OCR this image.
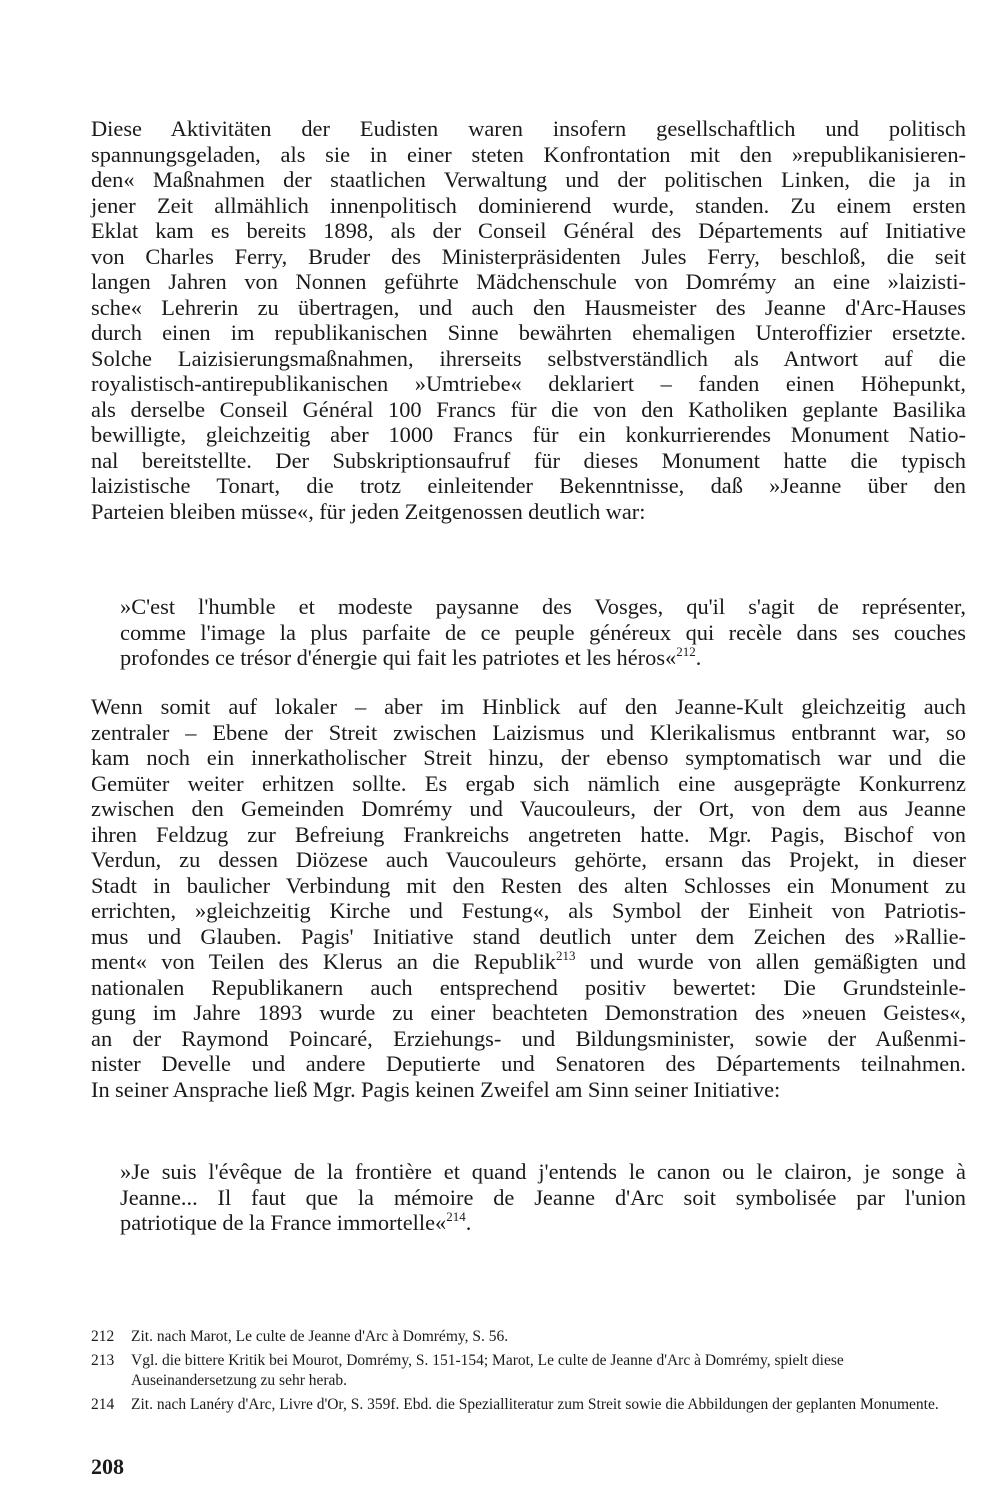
Diese Aktivitäten der Eudisten waren insofern gesellschaftlich und politisch
spannungsgeladen, als sie in einer steten Konfrontation mit den »republikanisieren-
den« Maßnahmen der staatlichen Verwaltung und der politischen Linken, die ja in
jener Zeit allmählich innenpolitisch dominierend wurde, standen. Zu einem ersten
Eklat kam es bereits 1898, als der Conseil Général des Départements auf Initiative
von Charles Ferry, Bruder des Ministerpräsidenten Jules Ferry, beschloß, die seit
langen Jahren von Nonnen geführte Mädchenschule von Domrémy an eine »laizisti-
sche« Lehrerin zu übertragen, und auch den Hausmeister des Jeanne d'Arc-Hauses
durch einen im republikanischen Sinne bewährten ehemaligen Unteroffizier ersetzte.
Solche Laizisierungsmaßnahmen, ihrerseits selbstverständlich als Antwort auf die
royalistisch-antirepublikanischen »Umtriebe« deklariert – fanden einen Höhepunkt,
als derselbe Conseil Général 100 Francs für die von den Katholiken geplante Basilika
bewilligte, gleichzeitig aber 1000 Francs für ein konkurrierendes Monument Natio-
nal bereitstellte. Der Subskriptionsaufruf für dieses Monument hatte die typisch
laizistische Tonart, die trotz einleitender Bekenntnisse, daß »Jeanne über den
Parteien bleiben müsse«, für jeden Zeitgenossen deutlich war:
»C'est l'humble et modeste paysanne des Vosges, qu'il s'agit de représenter,
comme l'image la plus parfaite de ce peuple généreux qui recèle dans ses couches
profondes ce trésor d'énergie qui fait les patriotes et les héros«$^{212}$.
Wenn somit auf lokaler – aber im Hinblick auf den Jeanne-Kult gleichzeitig auch
zentraler – Ebene der Streit zwischen Laizismus und Klerikalismus entbrannt war, so
kam noch ein innerkatholischer Streit hinzu, der ebenso symptomatisch war und die
Gemüter weiter erhitzen sollte. Es ergab sich nämlich eine ausgeprägte Konkurrenz
zwischen den Gemeinden Domrémy und Vaucouleurs, der Ort, von dem aus Jeanne
ihren Feldzug zur Befreiung Frankreichs angetreten hatte. Mgr. Pagis, Bischof von
Verdun, zu dessen Diözese auch Vaucouleurs gehörte, ersann das Projekt, in dieser
Stadt in baulicher Verbindung mit den Resten des alten Schlosses ein Monument zu
errichten, »gleichzeitig Kirche und Festung«, als Symbol der Einheit von Patriotis-
mus und Glauben. Pagis' Initiative stand deutlich unter dem Zeichen des »Rallie-
ment« von Teilen des Klerus an die Republik$^{213}$ und wurde von allen gemäßigten und
nationalen Republikanern auch entsprechend positiv bewertet: Die Grundsteinle-
gung im Jahre 1893 wurde zu einer beachteten Demonstration des »neuen Geistes«,
an der Raymond Poincaré, Erziehungs- und Bildungsminister, sowie der Außenmi-
nister Develle und andere Deputierte und Senatoren des Départements teilnahmen.
In seiner Ansprache ließ Mgr. Pagis keinen Zweifel am Sinn seiner Initiative:
»Je suis l'évêque de la frontière et quand j'entends le canon ou le clairon, je songe à
Jeanne... Il faut que la mémoire de Jeanne d'Arc soit symbolisée par l'union
patriotique de la France immortelle«$^{214}$.
212 Zit. nach Marot, Le culte de Jeanne d'Arc à Domrémy, S. 56.
213 Vgl. die bittere Kritik bei Mourot, Domrémy, S. 151-154; Marot, Le culte de Jeanne d'Arc à Domrémy, spielt diese Auseinandersetzung zu sehr herab.
214 Zit. nach Lanéry d'Arc, Livre d'Or, S. 359f. Ebd. die Spezialliteratur zum Streit sowie die Abbildungen der geplanten Monumente.
208
